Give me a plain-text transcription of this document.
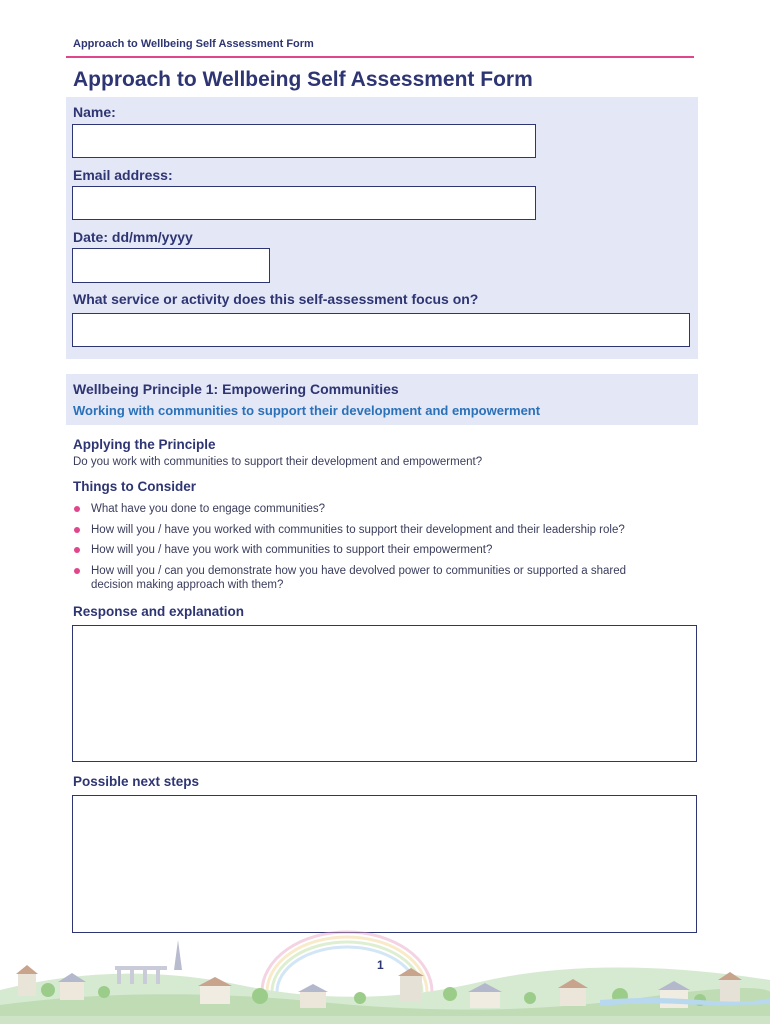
Approach to Wellbeing Self Assessment Form
Approach to Wellbeing Self Assessment Form
Name:
Email address:
Date: dd/mm/yyyy
What service or activity does this self-assessment focus on?
Wellbeing Principle 1: Empowering Communities
Working with communities to support their development and empowerment
Applying the Principle
Do you work with communities to support their development and empowerment?
Things to Consider
What have you done to engage communities?
How will you / have you worked with communities to support their development and their leadership role?
How will you / have you work with communities to support their empowerment?
How will you / can you demonstrate how you have devolved power to communities or supported a shared decision making approach with them?
Response and explanation
Possible next steps
1
